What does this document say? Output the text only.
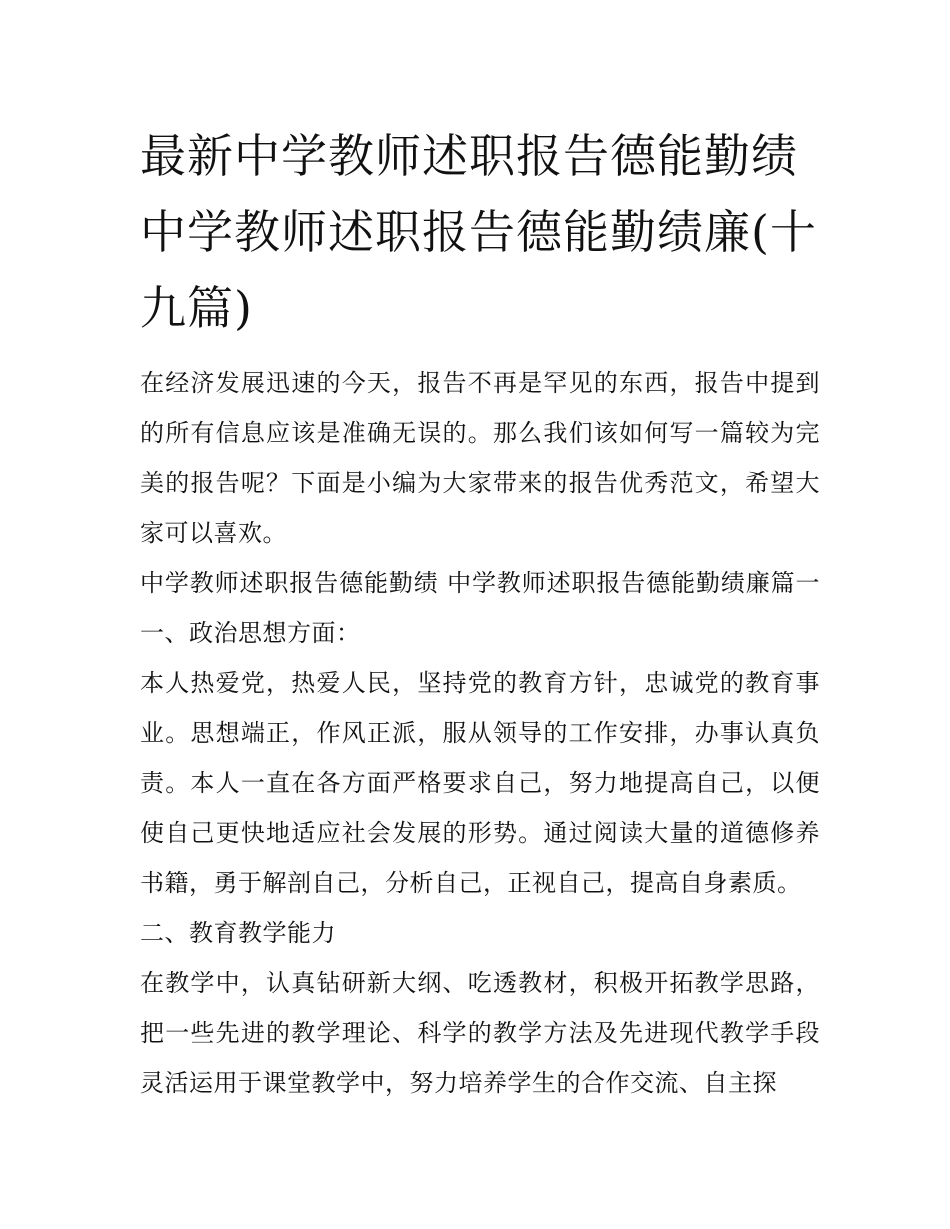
最新中学教师述职报告德能勤绩 中学教师述职报告德能勤绩廉(十九篇)

在经济发展迅速的今天，报告不再是罕见的东西，报告中提到的所有信息应该是准确无误的。那么我们该如何写一篇较为完美的报告呢？下面是小编为大家带来的报告优秀范文，希望大家可以喜欢。

中学教师述职报告德能勤绩 中学教师述职报告德能勤绩廉篇一 一、政治思想方面：

本人热爱党，热爱人民，坚持党的教育方针，忠诚党的教育事业。思想端正，作风正派，服从领导的工作安排，办事认真负责。本人一直在各方面严格要求自己，努力地提高自己，以便使自己更快地适应社会发展的形势。通过阅读大量的道德修养书籍，勇于解剖自己，分析自己，正视自己，提高自身素质。

二、教育教学能力

在教学中，认真钻研新大纲、吃透教材，积极开拓教学思路，把一些先进的教学理论、科学的教学方法及先进现代教学手段灵活运用于课堂教学中，努力培养学生的合作交流、自主探
